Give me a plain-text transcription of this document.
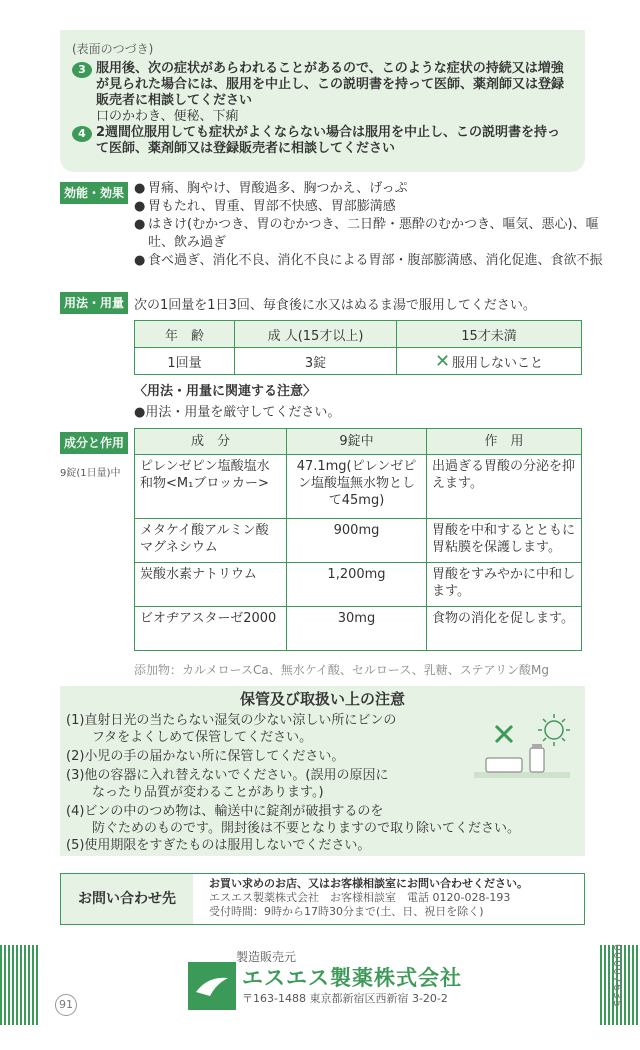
(表面のつづき)
3 服用後、次の症状があらわれることがあるので、このような症状の持続又は増強が見られた場合には、服用を中止し、この説明書を持って医師、薬剤師又は登録販売者に相談してください
口のかわき、便秘、下痢
4 2週間位服用しても症状がよくならない場合は服用を中止し、この説明書を持って医師、薬剤師又は登録販売者に相談してください
効能・効果 ● 胃痛、胸やけ、胃酸過多、胸つかえ、げっぷ
● 胃もたれ、胃重、胃部不快感、胃部膨満感
● はきけ(むかつき、胃のむかつき、二日酔・悪酔のむかつき、嘔気、悪心)、嘔吐、飲み過ぎ
● 食べ過ぎ、消化不良、消化不良による胃部・腹部膨満感、消化促進、食欲不振
用法・用量 次の1回量を1日3回、毎食後に水又はぬるま湯で服用してください。
年　齢	成 人(15才以上)	15才未満
1回量	3錠	✕ 服用しないこと
〈用法・用量に関連する注意〉
●用法・用量を厳守してください。
成分と作用
9錠(1日量)中
成　分	9錠中	作　用
ピレンゼピン塩酸塩水和物<M₁ブロッカー>	47.1mg(ピレンゼピン塩酸塩無水物として45mg)	出過ぎる胃酸の分泌を抑えます。
メタケイ酸アルミン酸マグネシウム	900mg	胃酸を中和するとともに胃粘膜を保護します。
炭酸水素ナトリウム	1,200mg	胃酸をすみやかに中和します。
ビオヂアスターゼ2000	30mg	食物の消化を促します。
添加物：カルメロースCa、無水ケイ酸、セルロース、乳糖、ステアリン酸Mg
保管及び取扱い上の注意
(1)直射日光の当たらない湿気の少ない涼しい所にビンの
　　フタをよくしめて保管してください。
(2)小児の手の届かない所に保管してください。
(3)他の容器に入れ替えないでください。(誤用の原因に
　　なったり品質が変わることがあります。)
(4)ビンの中のつめ物は、輸送中に錠剤が破損するのを
　　防ぐためのものです。開封後は不要となりますので取り除いてください。
(5)使用期限をすぎたものは服用しないでください。
お問い合わせ先
お買い求めのお店、又はお客様相談室にお問い合わせください。
エスエス製薬株式会社　お客様相談室　電話 0120-028-193
受付時間：9時から17時30分まで(土、日、祝日を除く)
製造販売元
エスエス製薬株式会社
〒163-1488 東京都新宿区西新宿 3-20-2
91	00007635
